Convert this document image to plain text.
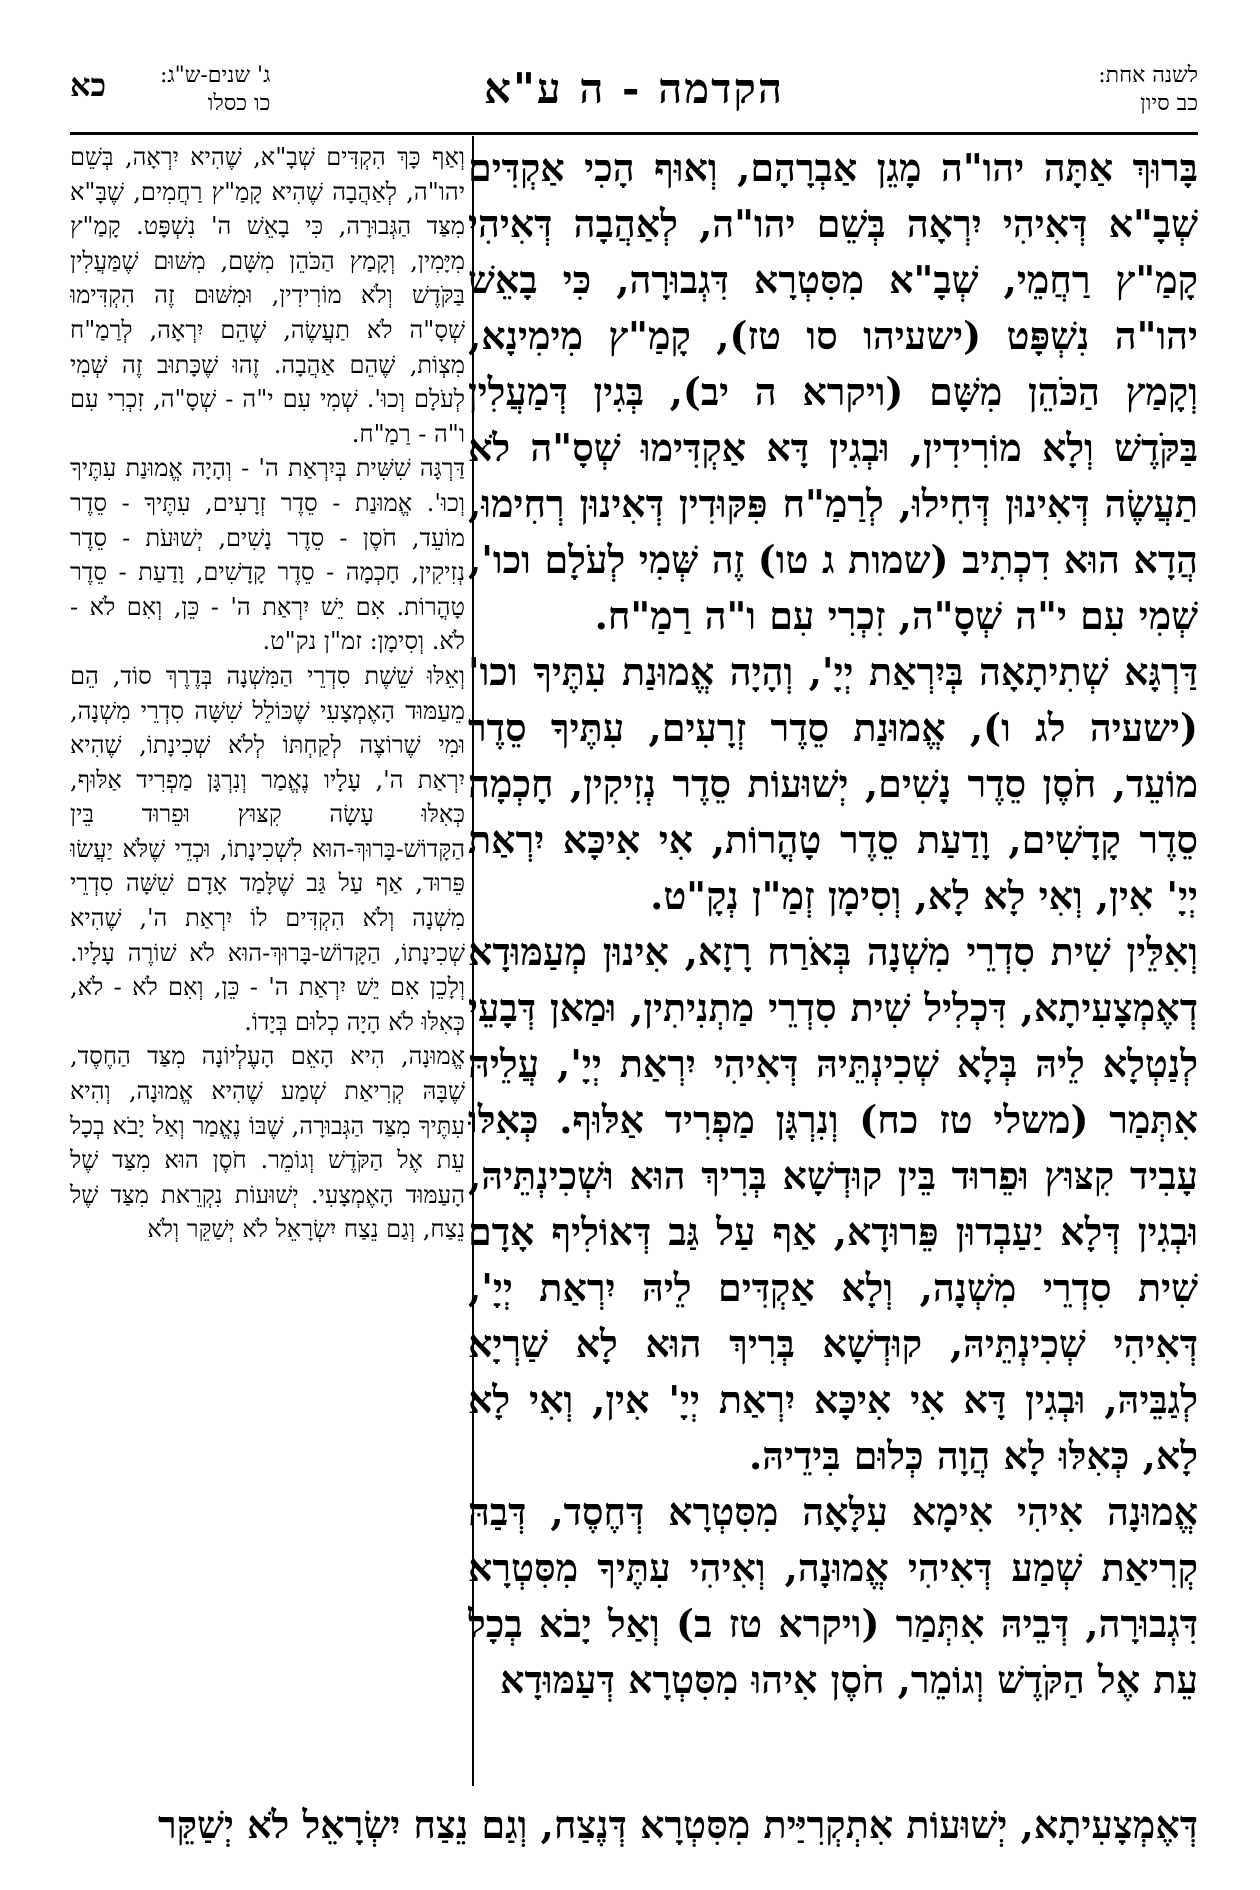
לשנה אחת:
כב סיון
הקדמה - ה ע"א
ג' שנים-ש"ג:
כו כסלו
כא

בָּרוּךְ אַתָּה יהו"ה מָגֵן אַבְרָהָם, וְאוּף הָכִי אַקְדִּים שְׁבָ"א דְּאִיהִי יִרְאָה בְּשֵׁם יהו"ה, לְאַהֲבָה דְּאִיהִי קָמַ"ץ רַחֲמֵי, שְׁבָ"א מִסִּטְרָא דִּגְבוּרָה, כִּי בָאֵשׁ יהו"ה נִשְׁפָּט (ישעיהו סו טז), קָמַ"ץ מִימִינָא, וְקָמַץ הַכֹּהֵן מִשָּׁם (ויקרא ה יב), בְּגִין דְּמַעֲלִין בַּקֹּדֶשׁ וְלָא מוֹרִידִין, וּבְגִין דָּא אַקְדִּימוּ שְׁסָ"ה לֹא תַעֲשֶׂה דְּאִינוּן דְּחִילוּ, לְרַמַ"ח פִּקּוּדִין דְּאִינוּן רְחִימוּ, הֲדָא הוּא דִכְתִיב (שמות ג טו) זֶה שְּׁמִי לְעֹלָם וכו', שְׁמִי עִם י"ה שְׁסָ"ה, זִכְרִי עִם ו"ה רַמַ"ח.

דַּרְגָּא שְׁתִיתָאָה בְּיִרְאַת יְיָ', וְהָיָה אֱמוּנַת עִתֶּיךָ וכו' (ישעיה לג ו), אֱמוּנַת סֵדֶר זְרָעִים, עִתֶּיךָ סֵדֶר מוֹעֵד, חֹסֶן סֵדֶר נָשִׁים, יְשׁוּעוֹת סֵדֶר נְזִיקִין, חָכְמָה סֵדֶר קָדָשִׁים, וָדַעַת סֵדֶר טָהֳרוֹת, אִי אִיכָּא יִרְאַת יְיָ' אִין, וְאִי לָא לָא, וְסִימָן זְמַ"ן נְקָ"ט.

וְאִלֵּין שִׁית סִדְרֵי מִשְׁנָה בְּאֹרַח רָזָא, אִינוּן מְעַמּוּדָא דְאֶמְצָעִיתָא, דִּכְלִיל שִׁית סִדְרֵי מַתְנִיתִין, וּמַאן דְּבָעֵי לְנַטְלָא לֵיהּ בְּלָא שְׁכִינְתֵּיהּ דְּאִיהִי יִרְאַת יְיָ', עֲלֵיהּ אִתְּמַר (משלי טז כח) וְנִרְגָּן מַפְרִיד אַלּוּף. כְּאִלּוּ עָבִיד קִצּוּץ וּפֵרוּד בֵּין קוּדְשָׁא בְּרִיךְ הוּא וּשְׁכִינְתֵּיהּ, וּבְגִין דְּלָא יַעַבְדוּן פֵּרוּדָא, אַף עַל גַּב דְּאוֹלִיף אָדָם שִׁית סִדְרֵי מִשְׁנָה, וְלָא אַקְדִּים לֵיהּ יִרְאַת יְיָ', דְּאִיהִי שְׁכִינְתֵּיהּ, קוּדְשָׁא בְּרִיךְ הוּא לָא שַׁרְיָא לְגַבֵּיהּ, וּבְגִין דָּא אִי אִיכָּא יִרְאַת יְיָ' אִין, וְאִי לָא לָא, כְּאִלּוּ לָא הֲוָה כְּלוּם בִּידֵיהּ.

אֱמוּנָה אִיהִי אִימָא עִלָּאָה מִסִּטְרָא דְּחֶסֶד, דְּבַהּ קְרִיאַת שְׁמַע דְּאִיהִי אֱמוּנָה, וְאִיהִי עִתֶּיךָ מִסִּטְרָא דִּגְבוּרָה, דְּבֵיהּ אִתְּמַר (ויקרא טז ב) וְאַל יָבֹא בְכָל עֵת אֶל הַקֹּדֶשׁ וְגוֹמֵר, חֹסֶן אִיהוּ מִסִּטְרָא דְּעַמּוּדָא

וְאַף כָּךְ הִקְדִּים שְׁבָ"א, שֶׁהִיא יִרְאָה, בְּשֵׁם יהו"ה, לְאַהֲבָה שֶׁהִיא קָמַ"ץ רַחֲמִים, שֶׁבָּ"א מִצַּד הַגְּבוּרָה, כִּי בָאֵשׁ ה' נִשְׁפָּט. קָמַ"ץ מִיָּמִין, וְקָמַץ הַכֹּהֵן מִשָּׁם, מִשּׁוּם שֶׁמַּעֲלִין בַּקֹּדֶשׁ וְלֹא מוֹרִידִין, וּמִשּׁוּם זֶה הִקְדִּימוּ שְׁסָ"ה לֹא תַעֲשֶׂה, שֶׁהֵם יִרְאָה, לְרַמַ"ח מִצְוֹת, שֶׁהֵם אַהֲבָה. זֶהוּ שֶׁכָּתוּב זֶה שְּׁמִי לְעֹלָם וְכוּ'. שְׁמִי עִם י"ה - שְׁסָ"ה, זִכְרִי עִם ו"ה - רַמַ"ח.

דַּרְגָּה שִׁשִּׁית בְּיִרְאַת ה' - וְהָיָה אֱמוּנַת עִתֶּיךָ וְכוּ'. אֱמוּנַת - סֵדֶר זְרָעִים, עִתֶּיךָ - סֵדֶר מוֹעֵד, חֹסֶן - סֵדֶר נָשִׁים, יְשׁוּעֹת - סֵדֶר נְזִיקִין, חָכְמָה - סֵדֶר קָדָשִׁים, וָדַעַת - סֵדֶר טָהֳרוֹת. אִם יֵשׁ יִרְאַת ה' - כֵּן, וְאִם לֹא - לֹא. וְסִימָן: זמ"ן נק"ט.

וְאֵלּוּ שֵׁשֶׁת סִדְרֵי הַמִּשְׁנָה בְּדֶרֶךְ סוֹד, הֵם מֵעַמּוּד הָאֶמְצָעִי שֶׁכּוֹלֵל שִׁשָּׁה סִדְרֵי מִשְׁנָה, וּמִי שֶׁרוֹצֶה לְקַחְתּוֹ לְלֹא שְׁכִינָתוֹ, שֶׁהִיא יִרְאַת ה', עָלָיו נֶאֱמַר וְנִרְגָּן מַפְרִיד אַלּוּף, כְּאִלּוּ עָשָׂה קִצּוּץ וּפֵרוּד בֵּין הַקָּדוֹשׁ-בָּרוּךְ-הוּא לִשְׁכִינָתוֹ, וּכְדֵי שֶׁלֹּא יַעֲשׂוּ פֵּרוּד, אַף עַל גַּב שֶׁלָּמַד אָדָם שִׁשָּׁה סִדְרֵי מִשְׁנָה וְלֹא הִקְדִּים לוֹ יִרְאַת ה', שֶׁהִיא שְׁכִינָתוֹ, הַקָּדוֹשׁ-בָּרוּךְ-הוּא לֹא שׁוֹרֶה עָלָיו. וְלָכֵן אִם יֵשׁ יִרְאַת ה' - כֵּן, וְאִם לֹא - לֹא, כְּאִלּוּ לֹא הָיָה כְלוּם בְּיָדוֹ.

אֱמוּנָה, הִיא הָאֵם הָעֶלְיוֹנָה מִצַּד הַחֶסֶד, שֶׁבָּהּ קְרִיאַת שְׁמַע שֶׁהִיא אֱמוּנָה, וְהִיא עִתֶּיךָ מִצַּד הַגְּבוּרָה, שֶׁבּוֹ נֶאֱמַר וְאַל יָבֹא בְכָל עֵת אֶל הַקֹּדֶשׁ וְגוֹמֵר. חֹסֶן הוּא מִצַּד שֶׁל הָעַמּוּד הָאֶמְצָעִי. יְשׁוּעוֹת נִקְרֵאת מִצַּד שֶׁל נֵצַח, וְגַם נֵצַח יִשְׂרָאֵל לֹא יְשַׁקֵּר וְלֹא

דְּאֶמְצָעִיתָא, יְשׁוּעוֹת אִתְקְרִיַּית מִסִּטְרָא דְּנֶצַח, וְגַם נֵצַח יִשְׂרָאֵל לֹא יְשַׁקֵּר
